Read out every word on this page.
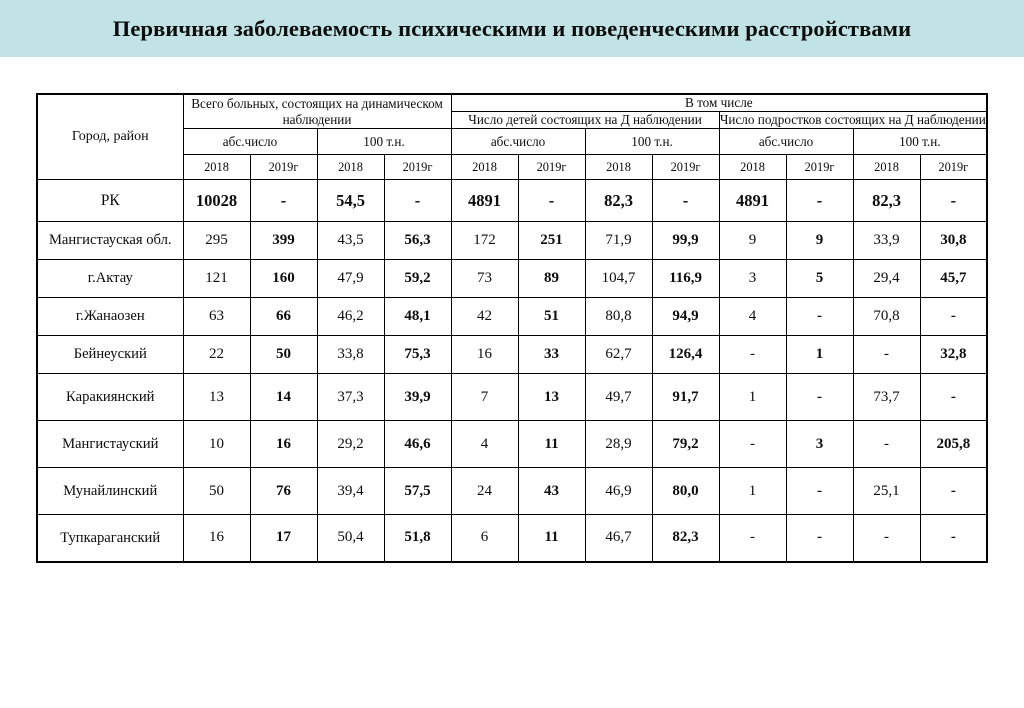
Первичная заболеваемость психическими и поведенческими расстройствами
Город, район	Всего больных, состоящих на динамическом наблюдении				В том числе							
					Число детей состоящих на Д наблюдении				Число подростков состоящих на Д наблюдении			
	абс.число		100 т.н.		абс.число		100 т.н.		абс.число		100 т.н.	
	2018	2019г	2018	2019г	2018	2019г	2018	2019г	2018	2019г	2018	2019г
РК	10028	-	54,5	-	4891	-	82,3	-	4891	-	82,3	-
Мангистауская обл.	295	399	43,5	56,3	172	251	71,9	99,9	9	9	33,9	30,8
г.Актау	121	160	47,9	59,2	73	89	104,7	116,9	3	5	29,4	45,7
г.Жанаозен	63	66	46,2	48,1	42	51	80,8	94,9	4	-	70,8	-
Бейнеуский	22	50	33,8	75,3	16	33	62,7	126,4	-	1	-	32,8
Каракиянский	13	14	37,3	39,9	7	13	49,7	91,7	1	-	73,7	-
Мангистауский	10	16	29,2	46,6	4	11	28,9	79,2	-	3	-	205,8
Мунайлинский	50	76	39,4	57,5	24	43	46,9	80,0	1	-	25,1	-
Тупкараганский	16	17	50,4	51,8	6	11	46,7	82,3	-	-	-	-
